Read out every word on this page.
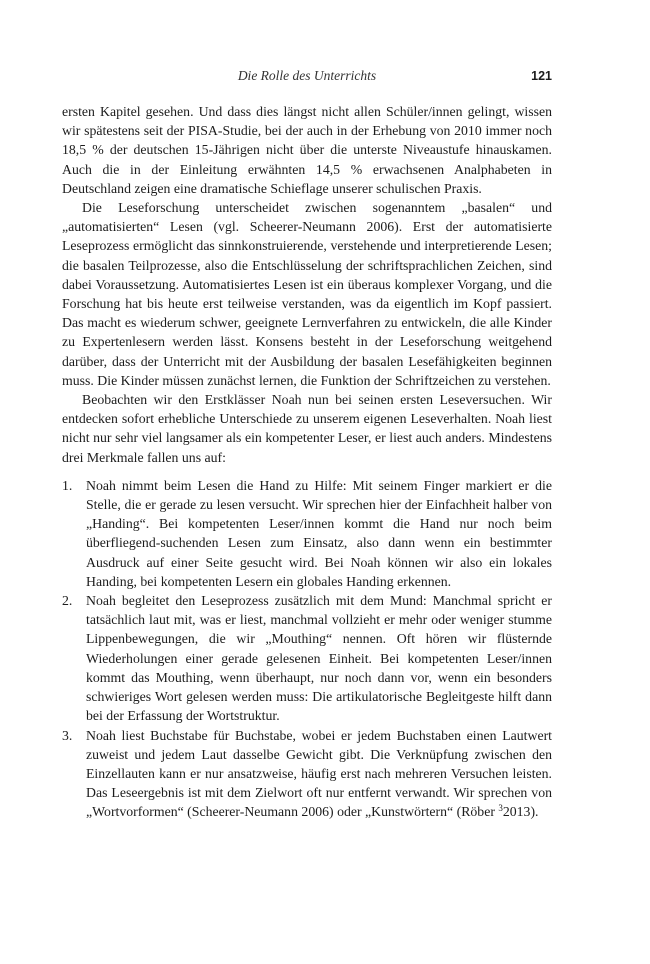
Die Rolle des Unterrichts	121

ersten Kapitel gesehen. Und dass dies längst nicht allen Schüler/innen gelingt, wissen wir spätestens seit der PISA-Studie, bei der auch in der Erhebung von 2010 immer noch 18,5 % der deutschen 15-Jährigen nicht über die unterste Niveaustufe hinauskamen. Auch die in der Einleitung erwähnten 14,5 % erwachsenen Analphabeten in Deutschland zeigen eine dramatische Schieflage unserer schulischen Praxis.

Die Leseforschung unterscheidet zwischen sogenanntem „basalen“ und „automatisierten“ Lesen (vgl. Scheerer-Neumann 2006). Erst der automatisierte Leseprozess ermöglicht das sinnkonstruierende, verstehende und interpretierende Lesen; die basalen Teilprozesse, also die Entschlüsselung der schriftsprachlichen Zeichen, sind dabei Voraussetzung. Automatisiertes Lesen ist ein überaus komplexer Vorgang, und die Forschung hat bis heute erst teilweise verstanden, was da eigentlich im Kopf passiert. Das macht es wiederum schwer, geeignete Lernverfahren zu entwickeln, die alle Kinder zu Expertenlesern werden lässt. Konsens besteht in der Leseforschung weitgehend darüber, dass der Unterricht mit der Ausbildung der basalen Lesefähigkeiten beginnen muss. Die Kinder müssen zunächst lernen, die Funktion der Schriftzeichen zu verstehen.

Beobachten wir den Erstklässer Noah nun bei seinen ersten Leseversuchen. Wir entdecken sofort erhebliche Unterschiede zu unserem eigenen Leseverhalten. Noah liest nicht nur sehr viel langsamer als ein kompetenter Leser, er liest auch anders. Mindestens drei Merkmale fallen uns auf:

1. Noah nimmt beim Lesen die Hand zu Hilfe: Mit seinem Finger markiert er die Stelle, die er gerade zu lesen versucht. Wir sprechen hier der Einfachheit halber von „Handing“. Bei kompetenten Leser/innen kommt die Hand nur noch beim überfliegend-suchenden Lesen zum Einsatz, also dann wenn ein bestimmter Ausdruck auf einer Seite gesucht wird. Bei Noah können wir also ein lokales Handing, bei kompetenten Lesern ein globales Handing erkennen.
2. Noah begleitet den Leseprozess zusätzlich mit dem Mund: Manchmal spricht er tatsächlich laut mit, was er liest, manchmal vollzieht er mehr oder weniger stumme Lippenbewegungen, die wir „Mouthing“ nennen. Oft hören wir flüsternde Wiederholungen einer gerade gelesenen Einheit. Bei kompetenten Leser/innen kommt das Mouthing, wenn überhaupt, nur noch dann vor, wenn ein besonders schwieriges Wort gelesen werden muss: Die artikulatorische Begleitgeste hilft dann bei der Erfassung der Wortstruktur.
3. Noah liest Buchstabe für Buchstabe, wobei er jedem Buchstaben einen Lautwert zuweist und jedem Laut dasselbe Gewicht gibt. Die Verknüpfung zwischen den Einzellauten kann er nur ansatzweise, häufig erst nach mehreren Versuchen leisten. Das Leseergebnis ist mit dem Zielwort oft nur entfernt verwandt. Wir sprechen von „Wortvorformen“ (Scheerer-Neumann 2006) oder „Kunstwörtern“ (Röber $^3$2013).
